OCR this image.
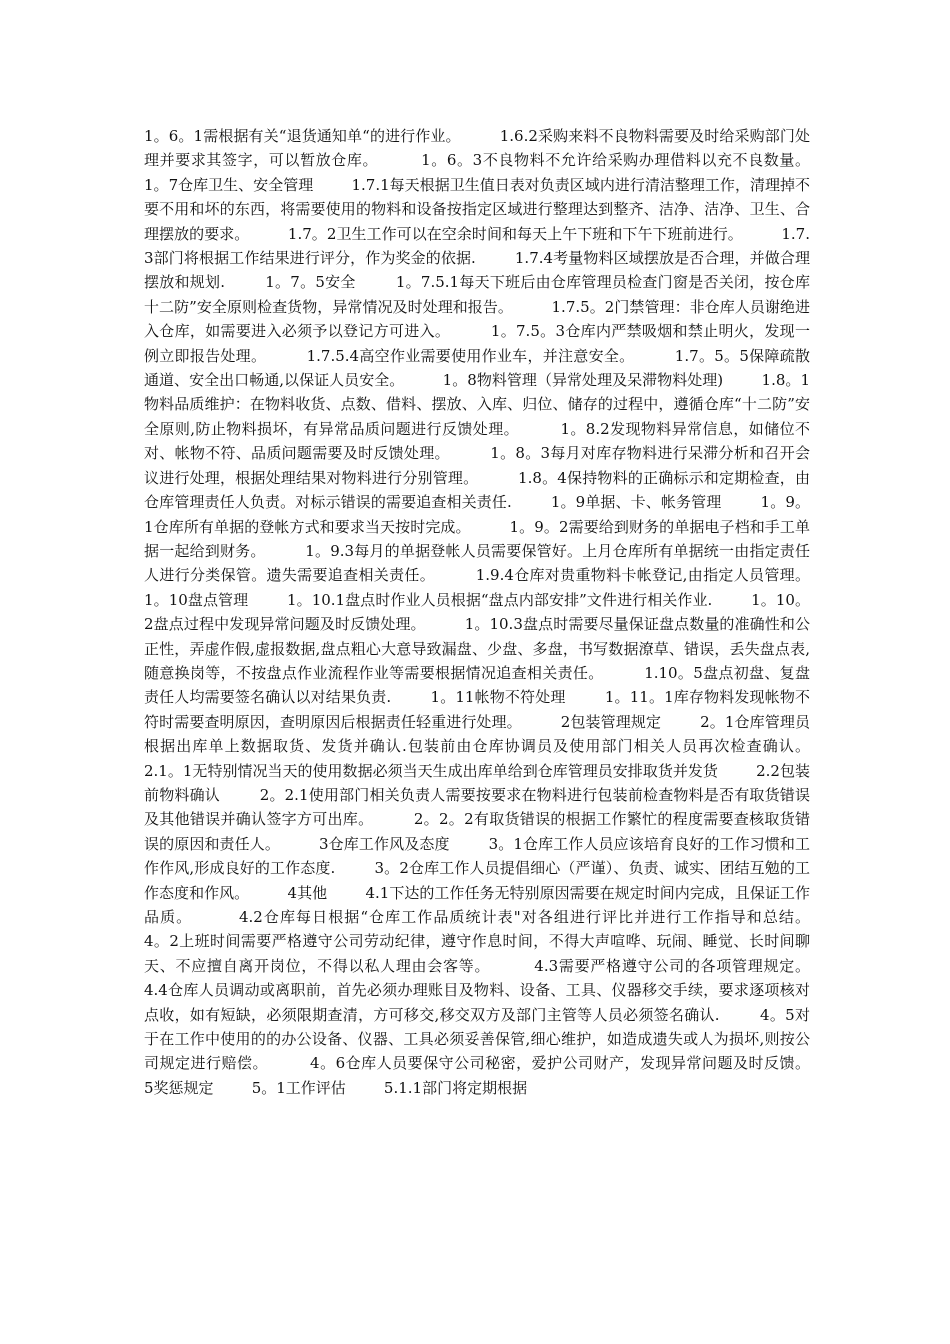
1。6。1需根据有关“退货通知单“的进行作业。        1.6.2采购来料不良物料需要及时给采购部门处理并要求其签字，可以暂放仓库。        1。6。3不良物料不允许给采购办理借料以充不良数量。        1。7仓库卫生、安全管理        1.7.1每天根据卫生值日表对负责区域内进行清洁整理工作，清理掉不要不用和坏的东西，将需要使用的物料和设备按指定区域进行整理达到整齐、洁净、洁净、卫生、合理摆放的要求。        1.7。2卫生工作可以在空余时间和每天上午下班和下午下班前进行。        1.7.3部门将根据工作结果进行评分，作为奖金的依据.        1.7.4考量物料区域摆放是否合理，并做合理摆放和规划.        1。7。5安全        1。7.5.1每天下班后由仓库管理员检查门窗是否关闭，按仓库十二防”安全原则检查货物，异常情况及时处理和报告。        1.7.5。2门禁管理：非仓库人员谢绝进入仓库，如需要进入必须予以登记方可进入。        1。7.5。3仓库内严禁吸烟和禁止明火，发现一例立即报告处理。        1.7.5.4高空作业需要使用作业车，并注意安全。        1.7。5。5保障疏散通道、安全出口畅通,以保证人员安全。        1。8物料管理（异常处理及呆滞物料处理)        1.8。1物料品质维护：在物料收货、点数、借料、摆放、入库、归位、储存的过程中，遵循仓库“十二防”安全原则,防止物料损坏，有异常品质问题进行反馈处理。        1。8.2发现物料异常信息，如储位不对、帐物不符、品质问题需要及时反馈处理。        1。8。3每月对库存物料进行呆滞分析和召开会议进行处理，根据处理结果对物料进行分别管理。        1.8。4保持物料的正确标示和定期检查，由仓库管理责任人负责。对标示错误的需要追查相关责任.        1。9单据、卡、帐务管理        1。9。1仓库所有单据的登帐方式和要求当天按时完成。        1。9。2需要给到财务的单据电子档和手工单据一起给到财务。        1。9.3每月的单据登帐人员需要保管好。上月仓库所有单据统一由指定责任人进行分类保管。遗失需要追查相关责任。        1.9.4仓库对贵重物料卡帐登记,由指定人员管理。        1。10盘点管理        1。10.1盘点时作业人员根据“盘点内部安排”文件进行相关作业.        1。10。2盘点过程中发现异常问题及时反馈处理。        1。10.3盘点时需要尽量保证盘点数量的准确性和公正性，弄虚作假,虚报数据,盘点粗心大意导致漏盘、少盘、多盘，书写数据潦草、错误，丢失盘点表,随意换岗等，不按盘点作业流程作业等需要根据情况追查相关责任。        1.10。5盘点初盘、复盘责任人均需要签名确认以对结果负责.        1。11帐物不符处理        1。11。1库存物料发现帐物不符时需要查明原因，查明原因后根据责任轻重进行处理。        2包装管理规定        2。1仓库管理员根据出库单上数据取货、发货并确认.包装前由仓库协调员及使用部门相关人员再次检查确认。        2.1。1无特别情况当天的使用数据必须当天生成出库单给到仓库管理员安排取货并发货        2.2包装前物料确认        2。2.1使用部门相关负责人需要按要求在物料进行包装前检查物料是否有取货错误及其他错误并确认签字方可出库。        2。2。2有取货错误的根据工作繁忙的程度需要查核取货错误的原因和责任人。        3仓库工作风及态度        3。1仓库工作人员应该培育良好的工作习惯和工作作风,形成良好的工作态度.        3。2仓库工作人员提倡细心（严谨）、负责、诚实、团结互勉的工作态度和作风。        4其他        4.1下达的工作任务无特别原因需要在规定时间内完成，且保证工作品质。        4.2仓库每日根据“仓库工作品质统计表"对各组进行评比并进行工作指导和总结。        4。2上班时间需要严格遵守公司劳动纪律，遵守作息时间，不得大声喧哗、玩闹、睡觉、长时间聊天、不应擅自离开岗位，不得以私人理由会客等。        4.3需要严格遵守公司的各项管理规定。        4.4仓库人员调动或离职前，首先必须办理账目及物料、设备、工具、仪器移交手续，要求逐项核对点收，如有短缺，必须限期查清，方可移交,移交双方及部门主管等人员必须签名确认.        4。5对于在工作中使用的的办公设备、仪器、工具必须妥善保管,细心维护，如造成遗失或人为损坏,则按公司规定进行赔偿。        4。6仓库人员要保守公司秘密，爱护公司财产，发现异常问题及时反馈。        5奖惩规定        5。1工作评估        5.1.1部门将定期根据
